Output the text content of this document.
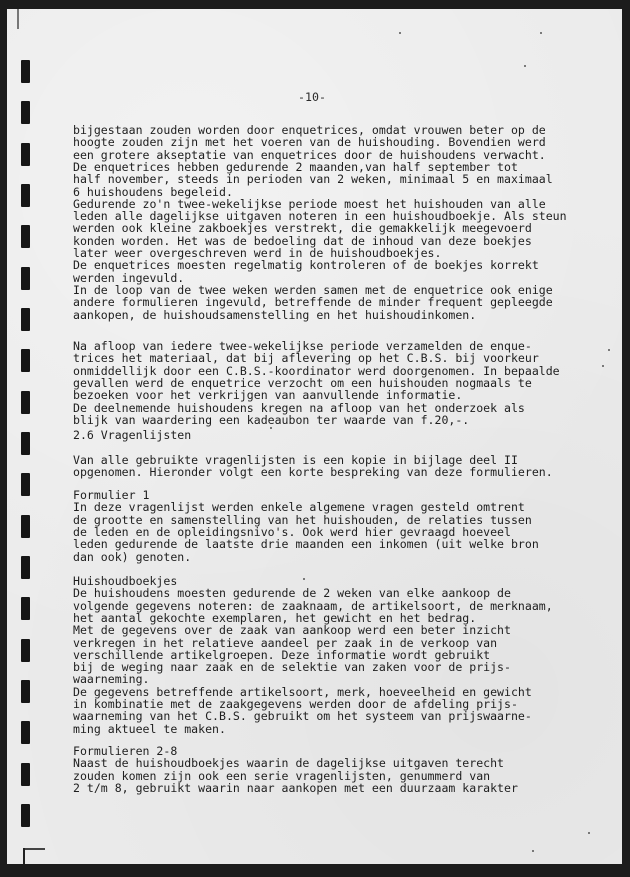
-10-
bijgestaan zouden worden door enquetrices, omdat vrouwen beter op de
hoogte zouden zijn met het voeren van de huishouding. Bovendien werd
een grotere akseptatie van enquetrices door de huishoudens verwacht.
De enquetrices hebben gedurende 2 maanden,van half september tot
half november, steeds in perioden van 2 weken, minimaal 5 en maximaal
6 huishoudens begeleid.
Gedurende zo'n twee-wekelijkse periode moest het huishouden van alle
leden alle dagelijkse uitgaven noteren in een huishoudboekje. Als steun
werden ook kleine zakboekjes verstrekt, die gemakkelijk meegevoerd
konden worden. Het was de bedoeling dat de inhoud van deze boekjes
later weer overgeschreven werd in de huishoudboekjes.
De enquetrices moesten regelmatig kontroleren of de boekjes korrekt
werden ingevuld.
In de loop van de twee weken werden samen met de enquetrice ook enige
andere formulieren ingevuld, betreffende de minder frequent gepleegde
aankopen, de huishoudsamenstelling en het huishoudinkomen.
Na afloop van iedere twee-wekelijkse periode verzamelden de enque-
trices het materiaal, dat bij aflevering op het C.B.S. bij voorkeur
onmiddellijk door een C.B.S.-koordinator werd doorgenomen. In bepaalde
gevallen werd de enquetrice verzocht om een huishouden nogmaals te
bezoeken voor het verkrijgen van aanvullende informatie.
De deelnemende huishoudens kregen na afloop van het onderzoek als
blijk van waardering een kadeaubon ter waarde van f.20,-.
2.6 Vragenlijsten
Van alle gebruikte vragenlijsten is een kopie in bijlage deel II
opgenomen. Hieronder volgt een korte bespreking van deze formulieren.
Formulier 1
In deze vragenlijst werden enkele algemene vragen gesteld omtrent
de grootte en samenstelling van het huishouden, de relaties tussen
de leden en de opleidingsnivo's. Ook werd hier gevraagd hoeveel
leden gedurende de laatste drie maanden een inkomen (uit welke bron
dan ook) genoten.
Huishoudboekjes
De huishoudens moesten gedurende de 2 weken van elke aankoop de
volgende gegevens noteren: de zaaknaam, de artikelsoort, de merknaam,
het aantal gekochte exemplaren, het gewicht en het bedrag.
Met de gegevens over de zaak van aankoop werd een beter inzicht
verkregen in het relatieve aandeel per zaak in de verkoop van
verschillende artikelgroepen. Deze informatie wordt gebruikt
bij de weging naar zaak en de selektie van zaken voor de prijs-
waarneming.
De gegevens betreffende artikelsoort, merk, hoeveelheid en gewicht
in kombinatie met de zaakgegevens werden door de afdeling prijs-
waarneming van het C.B.S. gebruikt om het systeem van prijswaarne-
ming aktueel te maken.
Formulieren 2-8
Naast de huishoudboekjes waarin de dagelijkse uitgaven terecht
zouden komen zijn ook een serie vragenlijsten, genummerd van
2 t/m 8, gebruikt waarin naar aankopen met een duurzaam karakter
